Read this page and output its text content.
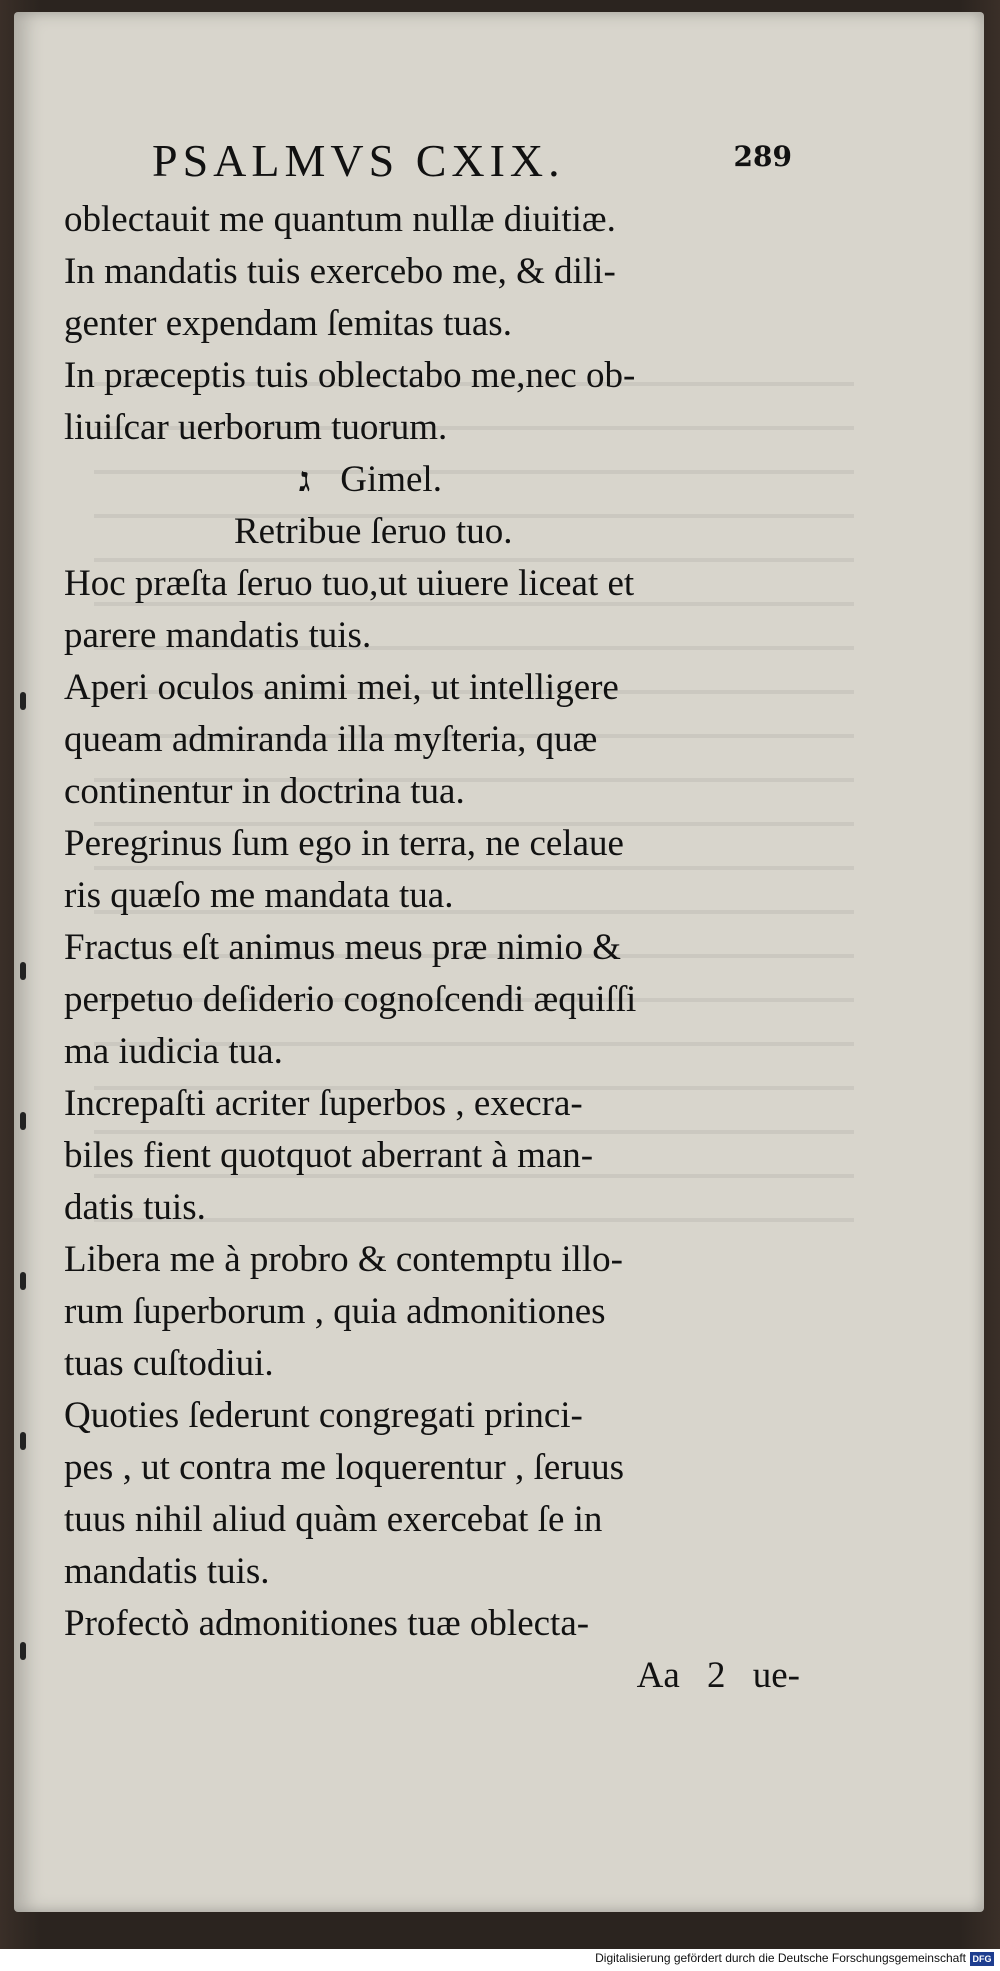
PSALMVS CXIX.	289
oblectauit me quantum nullæ diuitiæ.
In mandatis tuis exercebo me, & dili-
genter expendam ſemitas tuas.
In præceptis tuis oblectabo me,nec ob-
liuiſcar uerborum tuorum.
ג Gimel.
Retribue ſeruo tuo.
Hoc præſta ſeruo tuo,ut uiuere liceat et
parere mandatis tuis.
Aperi oculos animi mei, ut intelligere
queam admiranda illa myſteria, quæ
continentur in doctrina tua.
Peregrinus ſum ego in terra, ne celaue
ris quæſo me mandata tua.
Fractus eſt animus meus præ nimio &
perpetuo deſiderio cognoſcendi æquiſſi
ma iudicia tua.
Increpaſti acriter ſuperbos , execra-
biles fient quotquot aberrant à man-
datis tuis.
Libera me à probro & contemptu illo-
rum ſuperborum , quia admonitiones
tuas cuſtodiui.
Quoties ſederunt congregati princi-
pes , ut contra me loquerentur , ſeruus
tuus nihil aliud quàm exercebat ſe in
mandatis tuis.
Profectò admonitiones tuæ oblecta-
Aa 2 ue-
Digitalisierung gefördert durch die Deutsche Forschungsgemeinschaft DFG
